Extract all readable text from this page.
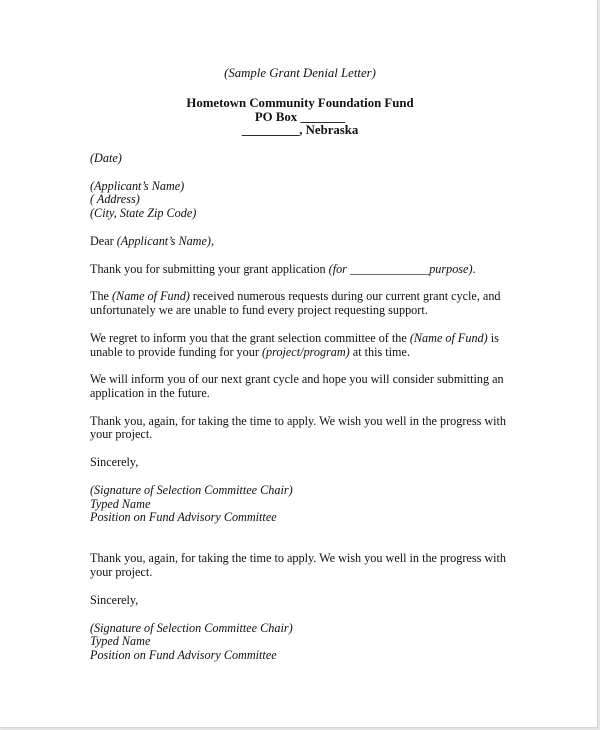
(Sample Grant Denial Letter)
Hometown Community Foundation Fund
PO Box _______
_________, Nebraska
(Date)
(Applicant’s Name)
( Address)
(City, State Zip Code)
Dear (Applicant’s Name),
Thank you for submitting your grant application (for _____________purpose).
The (Name of Fund) received numerous requests during our current grant cycle, and
unfortunately we are unable to fund every project requesting support.
We regret to inform you that the grant selection committee of the (Name of Fund) is
unable to provide funding for your (project/program) at this time.
We will inform you of our next grant cycle and hope you will consider submitting an
application in the future.
Thank you, again, for taking the time to apply. We wish you well in the progress with
your project.
Sincerely,
(Signature of Selection Committee Chair)
Typed Name
Position on Fund Advisory Committee
Thank you, again, for taking the time to apply. We wish you well in the progress with
your project.
Sincerely,
(Signature of Selection Committee Chair)
Typed Name
Position on Fund Advisory Committee
